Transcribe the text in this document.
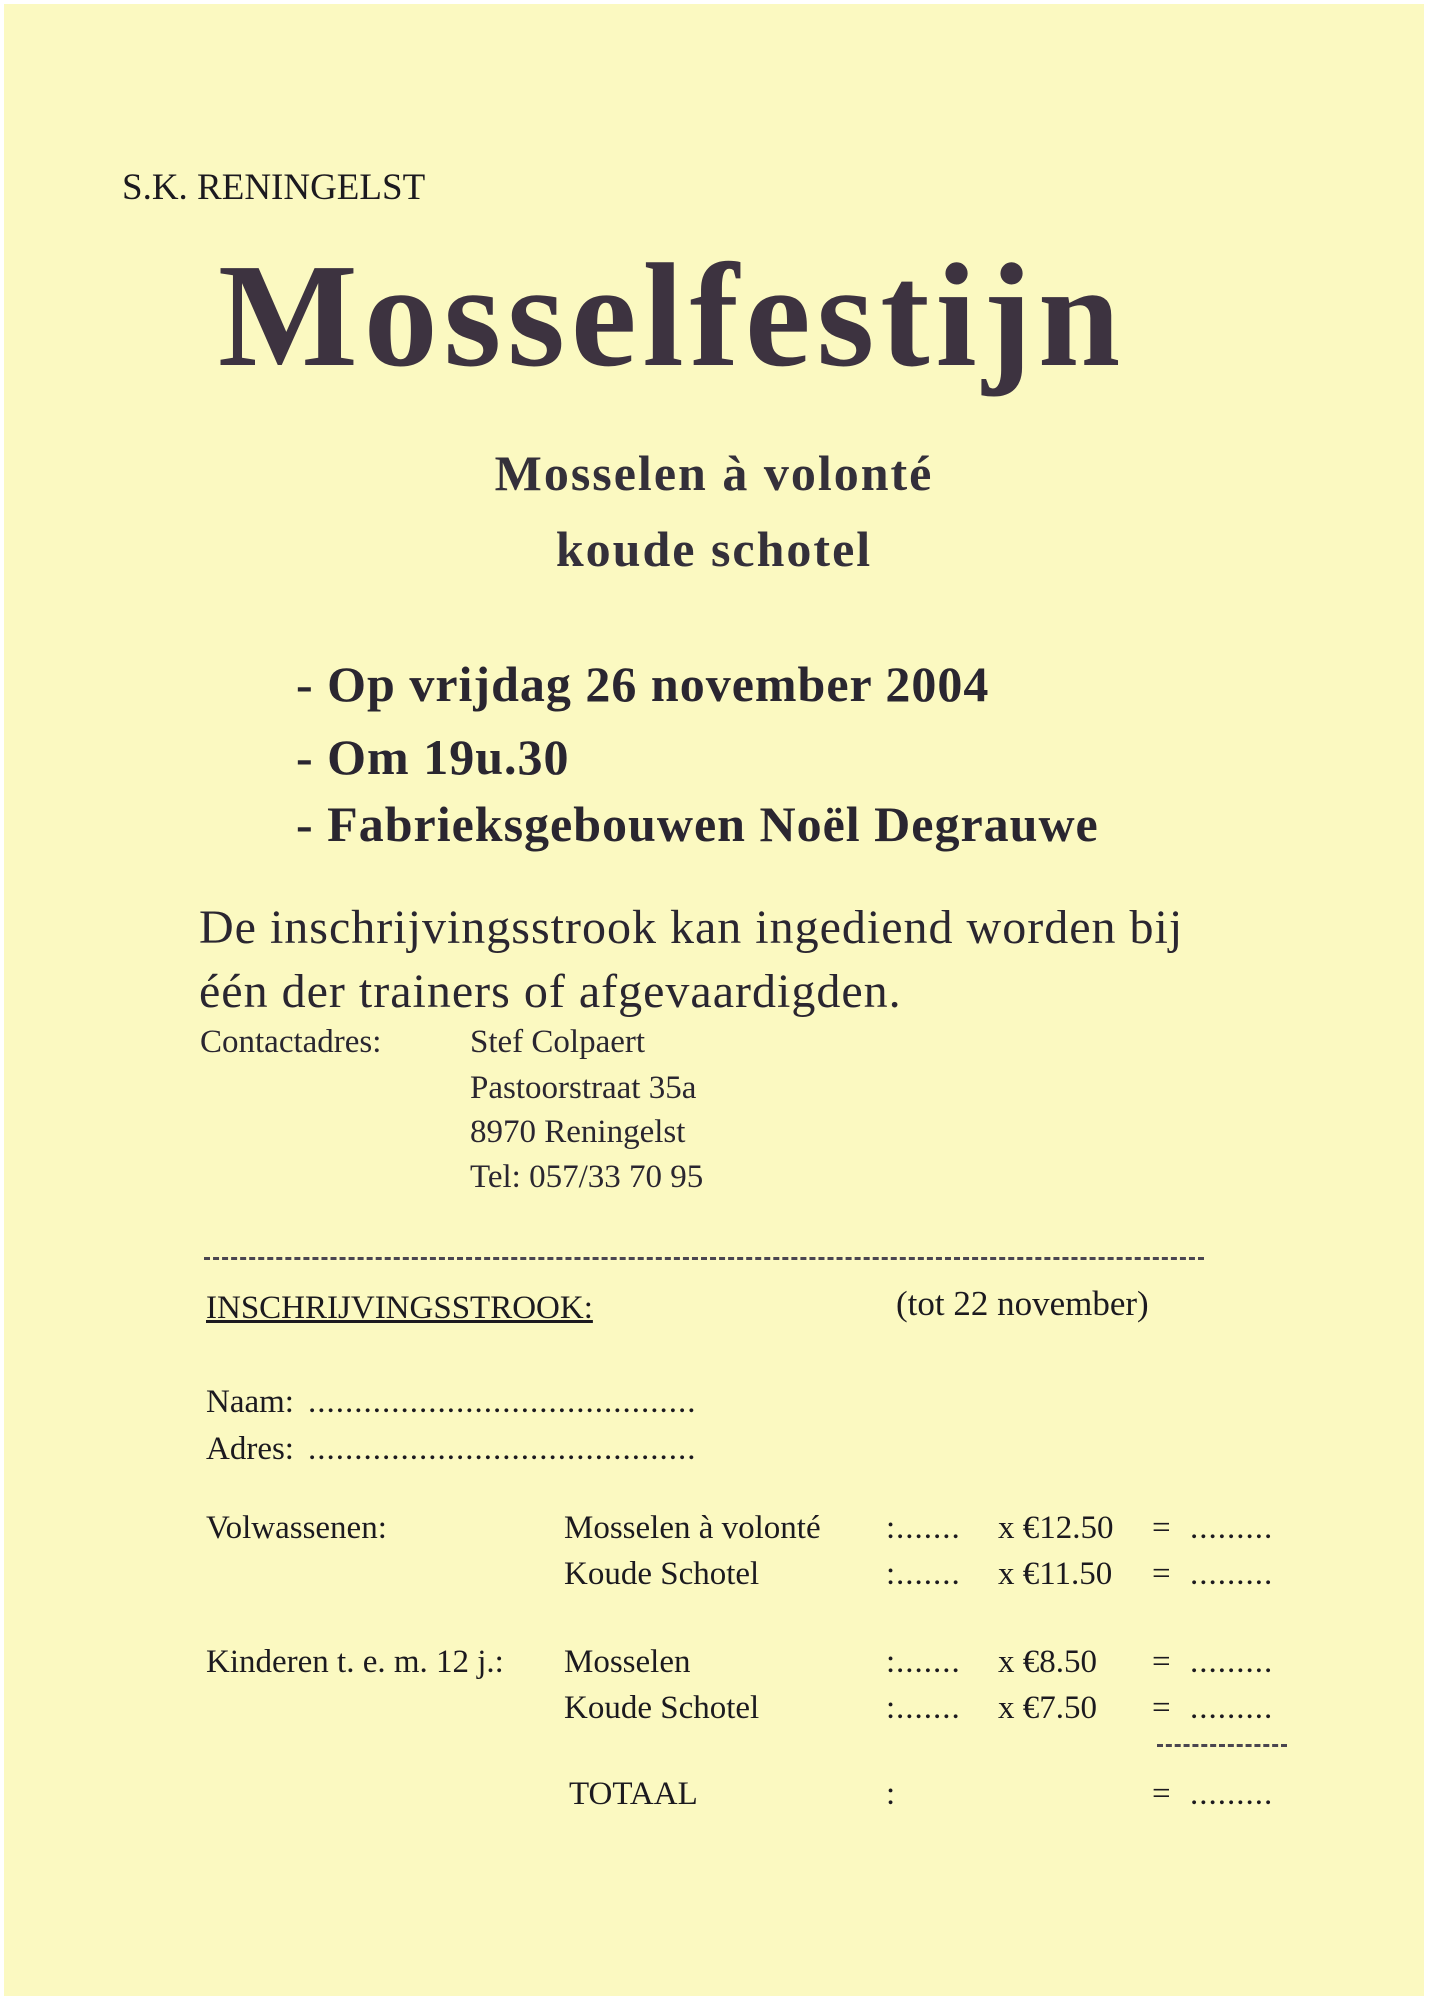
S.K. RENINGELST
Mosselfestijn
Mosselen à volonté
koude schotel
- Op vrijdag 26 november 2004
- Om 19u.30
- Fabrieksgebouwen Noël Degrauwe
De inschrijvingsstrook kan ingediend worden bij
één der trainers of afgevaardigden.
Contactadres:	Stef Colpaert
Pastoorstraat 35a
8970 Reningelst
Tel: 057/33 70 95
INSCHRIJVINGSSTROOK:	(tot 22 november)
Naam: ..........................................
Adres: ..........................................
Volwassenen:	Mosselen à volonté : ....... x €12.50 = .........
Koude Schotel	: ....... x €11.50 = .........
Kinderen t. e. m. 12 j.: Mosselen	: ....... x €8.50 = .........
Koude Schotel	: ....... x €7.50 = .........
TOTAAL	:	= .........
